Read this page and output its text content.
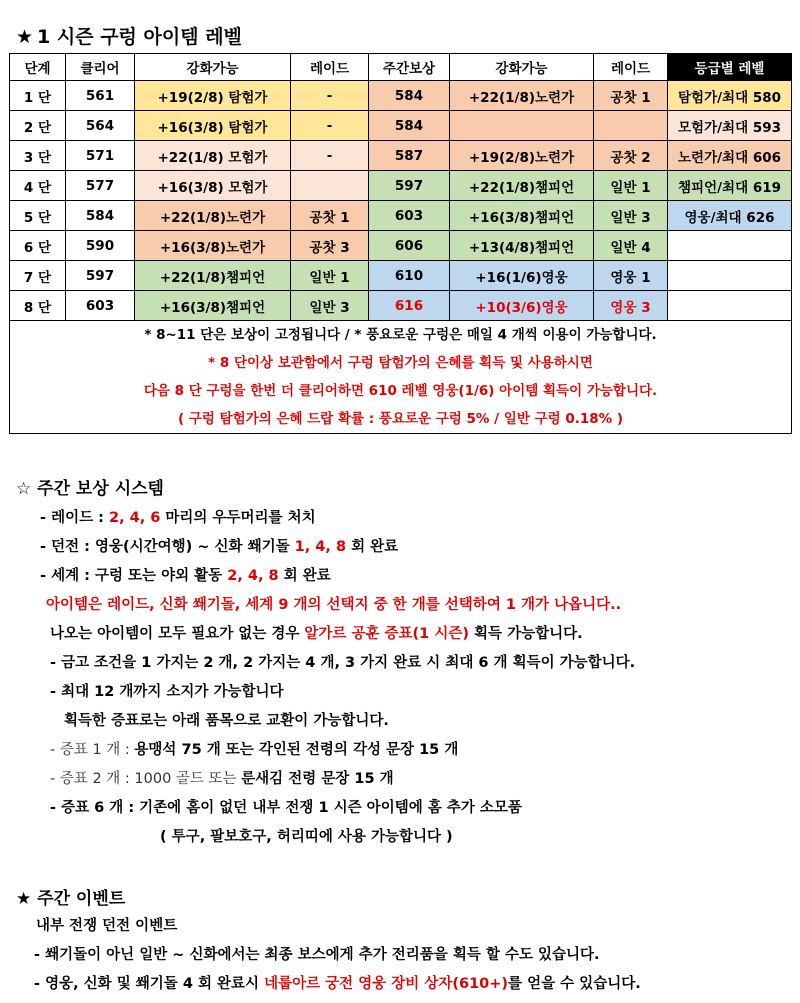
★ 1 시즌 구렁 아이템 레벨
단계	클리어	강화가능	레이드	주간보상	강화가능	레이드	등급별 레벨
1 단	561	+19(2/8) 탐험가	-	584	+22(1/8)노련가	공찻 1	탐험가/최대 580
2 단	564	+16(3/8) 탐험가	-	584			모험가/최대 593
3 단	571	+22(1/8) 모험가	-	587	+19(2/8)노련가	공찻 2	노련가/최대 606
4 단	577	+16(3/8) 모험가		597	+22(1/8)챔피언	일반 1	챔피언/최대 619
5 단	584	+22(1/8)노련가	공찻 1	603	+16(3/8)챔피언	일반 3	영웅/최대 626
6 단	590	+16(3/8)노련가	공찻 3	606	+13(4/8)챔피언	일반 4	
7 단	597	+22(1/8)챔피언	일반 1	610	+16(1/6)영웅	영웅 1	
8 단	603	+16(3/8)챔피언	일반 3	616	+10(3/6)영웅	영웅 3	

* 8~11 단은 보상이 고정됩니다 / * 풍요로운 구렁은 매일 4 개씩 이용이 가능합니다.
* 8 단이상 보관함에서 구렁 탐험가의 은혜를 획득 및 사용하시면
다음 8 단 구렁을 한번 더 클리어하면 610 레벨 영웅(1/6) 아이템 획득이 가능합니다.
( 구렁 탐험가의 은혜 드랍 확률 : 풍요로운 구렁 5% / 일반 구렁 0.18% )							
☆ 주간 보상 시스템
- 레이드 : 2, 4, 6 마리의 우두머리를 처치
- 던전 : 영웅(시간여행) ~ 신화 쐐기돌 1, 4, 8 회 완료
- 세계 : 구렁 또는 야외 활동 2, 4, 8 회 완료
아이템은 레이드, 신화 쐐기돌, 세계 9 개의 선택지 중 한 개를 선택하여 1 개가 나옵니다..
나오는 아이템이 모두 필요가 없는 경우 알가르 공훈 증표(1 시즌) 획득 가능합니다.
- 금고 조건을 1 가지는 2 개, 2 가지는 4 개, 3 가지 완료 시 최대 6 개 획득이 가능합니다.
- 최대 12 개까지 소지가 가능합니다
획득한 증표로는 아래 품목으로 교환이 가능합니다.
- 증표 1 개 : 용맹석 75 개 또는 각인된 전령의 각성 문장 15 개
- 증표 2 개 : 1000 골드 또는 룬새김 전령 문장 15 개
- 증표 6 개 : 기존에 홈이 없던 내부 전쟁 1 시즌 아이템에 홈 추가 소모품
( 투구, 팔보호구, 허리띠에 사용 가능합니다 )
★ 주간 이벤트
내부 전쟁 던전 이벤트
- 쐐기돌이 아닌 일반 ~ 신화에서는 최종 보스에게 추가 전리품을 획득 할 수도 있습니다.
- 영웅, 신화 및 쐐기돌 4 회 완료시 네룹아르 궁전 영웅 장비 상자(610+)를 얻을 수 있습니다.
